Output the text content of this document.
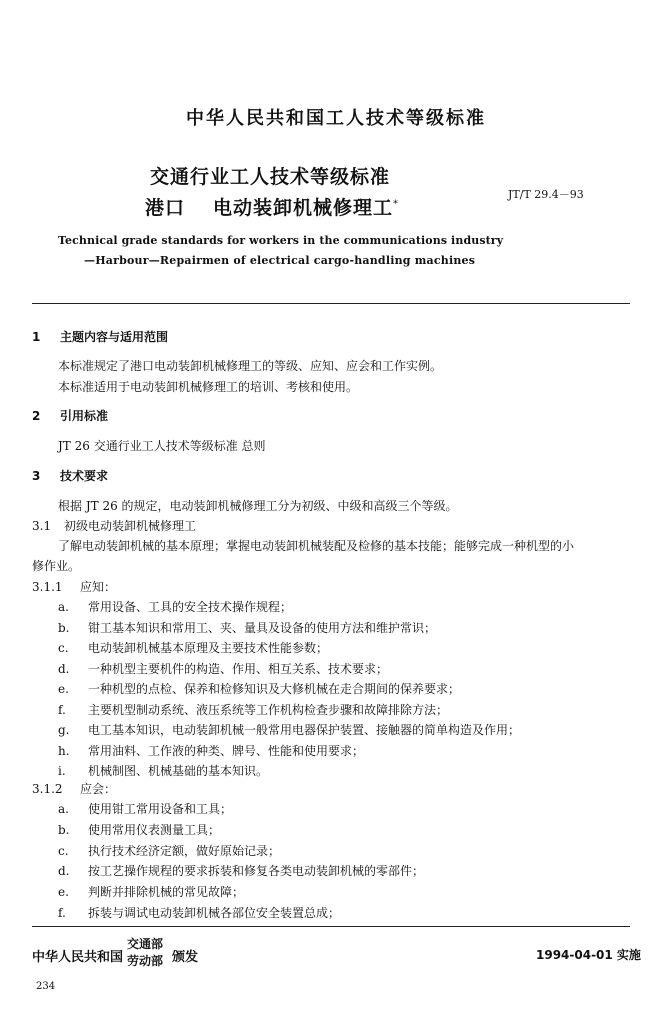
中华人民共和国工人技术等级标准
交通行业工人技术等级标准
港口 电动装卸机械修理工*
JT/T 29.4－93
Technical grade standards for workers in the communications industry
—Harbour—Repairmen of electrical cargo-handling machines
1 主题内容与适用范围
本标准规定了港口电动装卸机械修理工的等级、应知、应会和工作实例。
本标准适用于电动装卸机械修理工的培训、考核和使用。
2 引用标准
JT 26 交通行业工人技术等级标准 总则
3 技术要求
根据 JT 26 的规定，电动装卸机械修理工分为初级、中级和高级三个等级。
3.1 初级电动装卸机械修理工
了解电动装卸机械的基本原理；掌握电动装卸机械装配及检修的基本技能；能够完成一种机型的小
修作业。
3.1.1 应知：
a. 常用设备、工具的安全技术操作规程；
b. 钳工基本知识和常用工、夹、量具及设备的使用方法和维护常识；
c. 电动装卸机械基本原理及主要技术性能参数；
d. 一种机型主要机件的构造、作用、相互关系、技术要求；
e. 一种机型的点检、保养和检修知识及大修机械在走合期间的保养要求；
f. 主要机型制动系统、液压系统等工作机构检查步骤和故障排除方法；
g. 电工基本知识，电动装卸机械一般常用电器保护装置、接触器的简单构造及作用；
h. 常用油料、工作液的种类、牌号、性能和使用要求；
i. 机械制图、机械基础的基本知识。
3.1.2 应会：
a. 使用钳工常用设备和工具；
b. 使用常用仪表测量工具；
c. 执行技术经济定额，做好原始记录；
d. 按工艺操作规程的要求拆装和修复各类电动装卸机械的零部件；
e. 判断并排除机械的常见故障；
f. 拆装与调试电动装卸机械各部位安全装置总成；
中华人民共和国
交通部
劳动部 颁发	1994-04-01 实施
234
